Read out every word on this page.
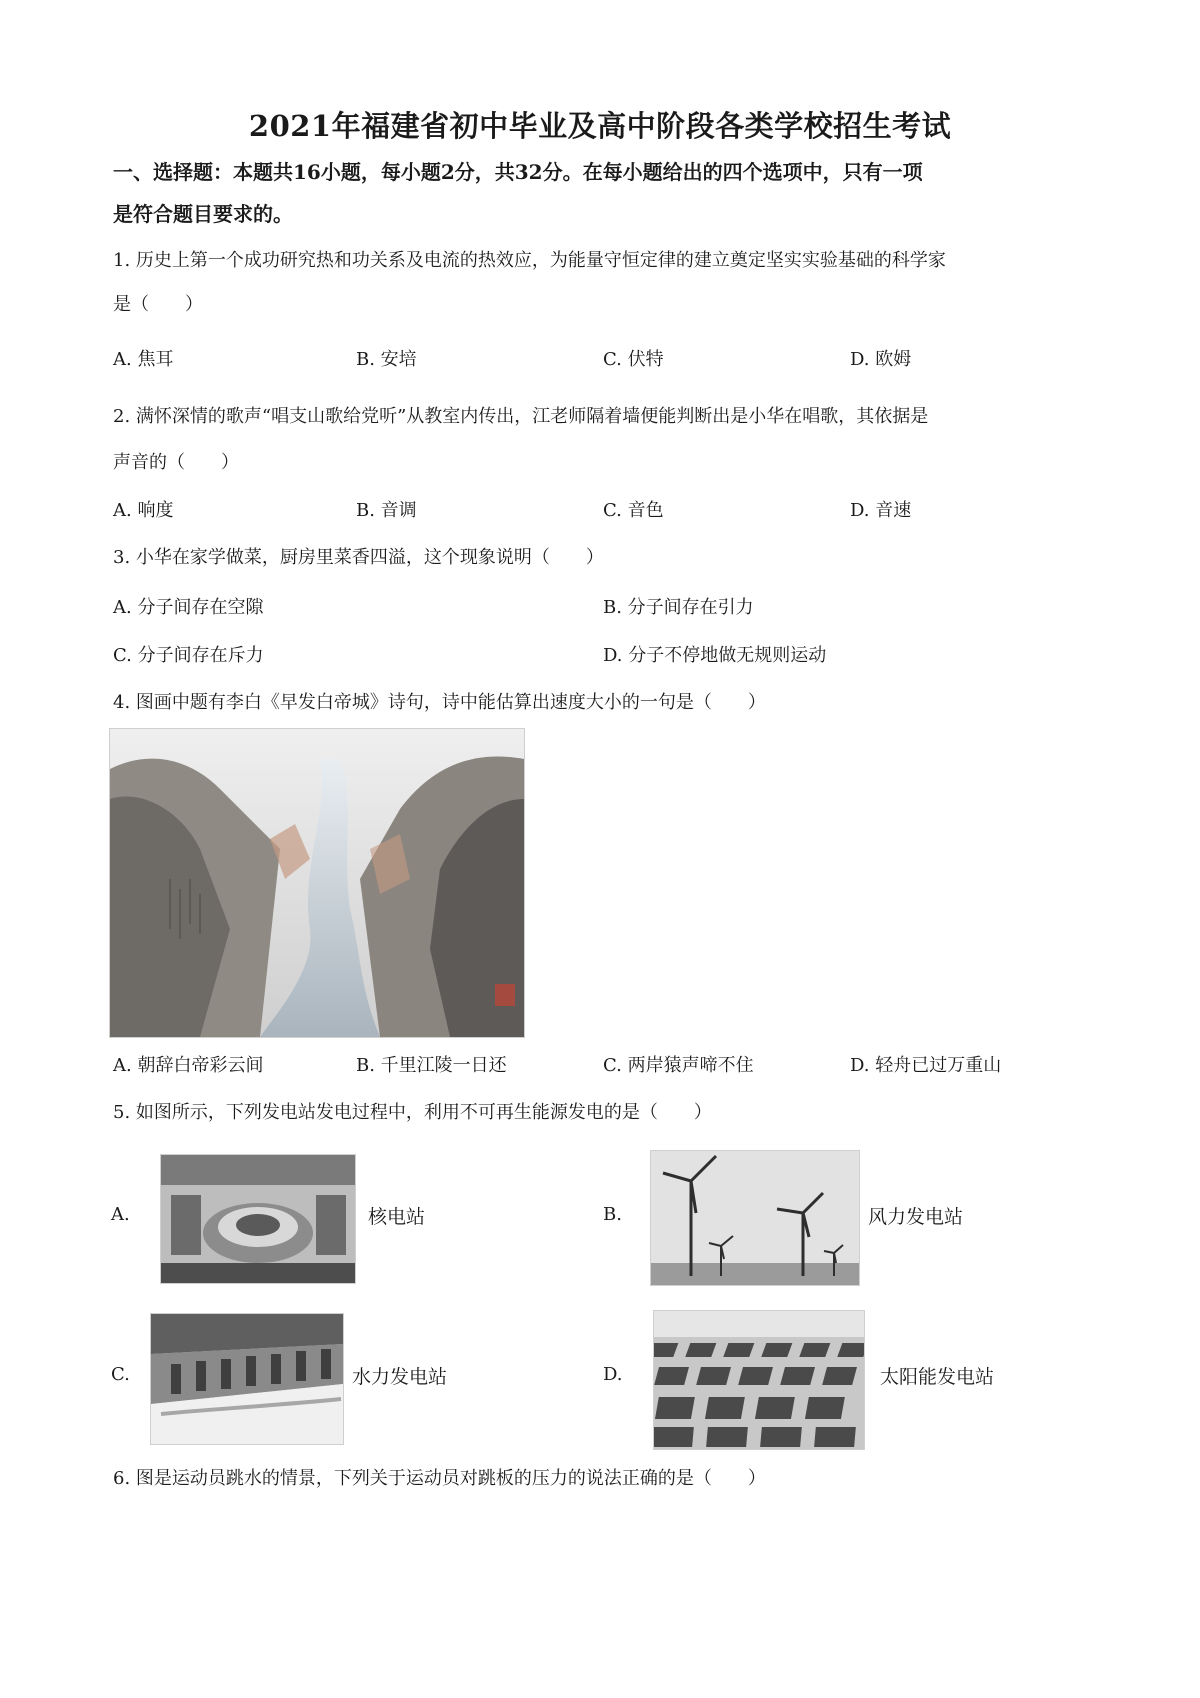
2021年福建省初中毕业及高中阶段各类学校招生考试
一、选择题：本题共16小题，每小题2分，共32分。在每小题给出的四个选项中，只有一项
是符合题目要求的。
1. 历史上第一个成功研究热和功关系及电流的热效应，为能量守恒定律的建立奠定坚实实验基础的科学家
是（　　）
A. 焦耳	B. 安培	C. 伏特	D. 欧姆
2. 满怀深情的歌声“唱支山歌给党听”从教室内传出，江老师隔着墙便能判断出是小华在唱歌，其依据是
声音的（　　）
A. 响度	B. 音调	C. 音色	D. 音速
3. 小华在家学做菜，厨房里菜香四溢，这个现象说明（　　）
A. 分子间存在空隙	B. 分子间存在引力
C. 分子间存在斥力	D. 分子不停地做无规则运动
4. 图画中题有李白《早发白帝城》诗句，诗中能估算出速度大小的一句是（　　）
A. 朝辞白帝彩云间	B. 千里江陵一日还	C. 两岸猿声啼不住	D. 轻舟已过万重山
5. 如图所示，下列发电站发电过程中，利用不可再生能源发电的是（　　）
A.	核电站	B.	风力发电站
C.	水力发电站	D.	太阳能发电站
6. 图是运动员跳水的情景，下列关于运动员对跳板的压力的说法正确的是（　　）
